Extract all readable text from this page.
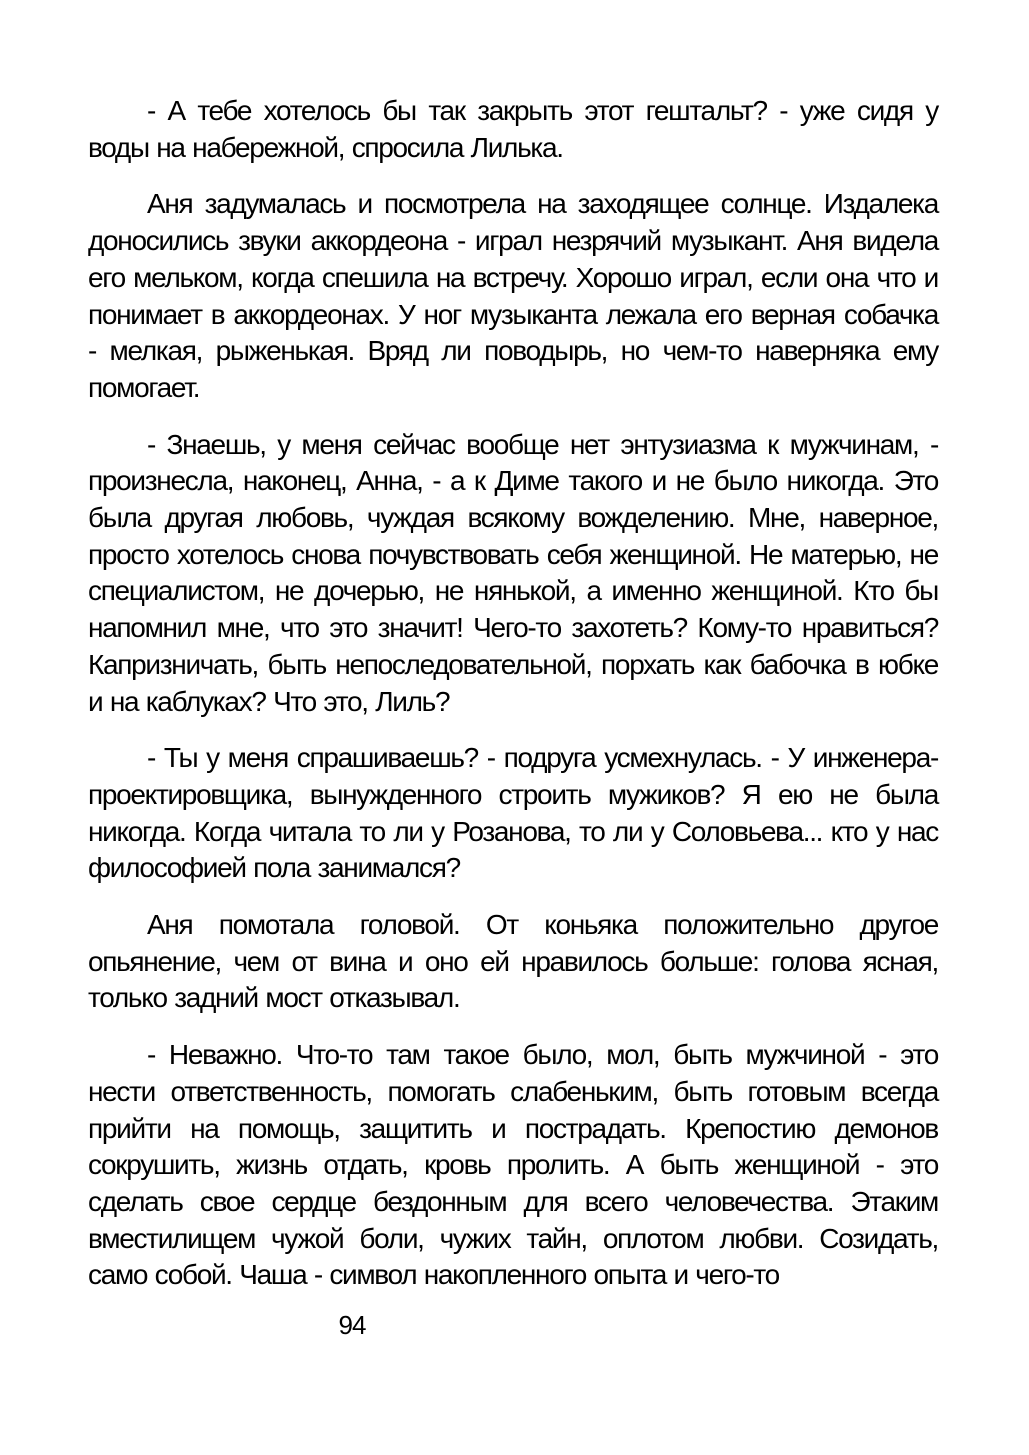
- А тебе хотелось бы так закрыть этот гештальт? - уже сидя у воды на набережной, спросила Лилька.

Аня задумалась и посмотрела на заходящее солнце. Издалека доносились звуки аккордеона - играл незрячий музыкант. Аня видела его мельком, когда спешила на встречу. Хорошо играл, если она что и понимает в аккордеонах. У ног музыканта лежала его верная собачка - мелкая, рыженькая. Вряд ли поводырь, но чем-то наверняка ему помогает.

- Знаешь, у меня сейчас вообще нет энтузиазма к мужчинам, - произнесла, наконец, Анна, - а к Диме такого и не было никогда. Это была другая любовь, чуждая всякому вожделению. Мне, наверное, просто хотелось снова почувствовать себя женщиной. Не матерью, не специалистом, не дочерью, не нянькой, а именно женщиной. Кто бы напомнил мне, что это значит! Чего-то захотеть? Кому-то нравиться? Капризничать, быть непоследовательной, порхать как бабочка в юбке и на каблуках? Что это, Лиль?

- Ты у меня спрашиваешь? - подруга усмехнулась. - У инженера-проектировщика, вынужденного строить мужиков? Я ею не была никогда. Когда читала то ли у Розанова, то ли у Соловьева... кто у нас философией пола занимался?

Аня помотала головой. От коньяка положительно другое опьянение, чем от вина и оно ей нравилось больше: голова ясная, только задний мост отказывал.

- Неважно. Что-то там такое было, мол, быть мужчиной - это нести ответственность, помогать слабеньким, быть готовым всегда прийти на помощь, защитить и пострадать. Крепостию демонов сокрушить, жизнь отдать, кровь пролить. А быть женщиной - это сделать свое сердце бездонным для всего человечества. Этаким вместилищем чужой боли, чужих тайн, оплотом любви. Созидать, само собой. Чаша - символ накопленного опыта и чего-то

94
